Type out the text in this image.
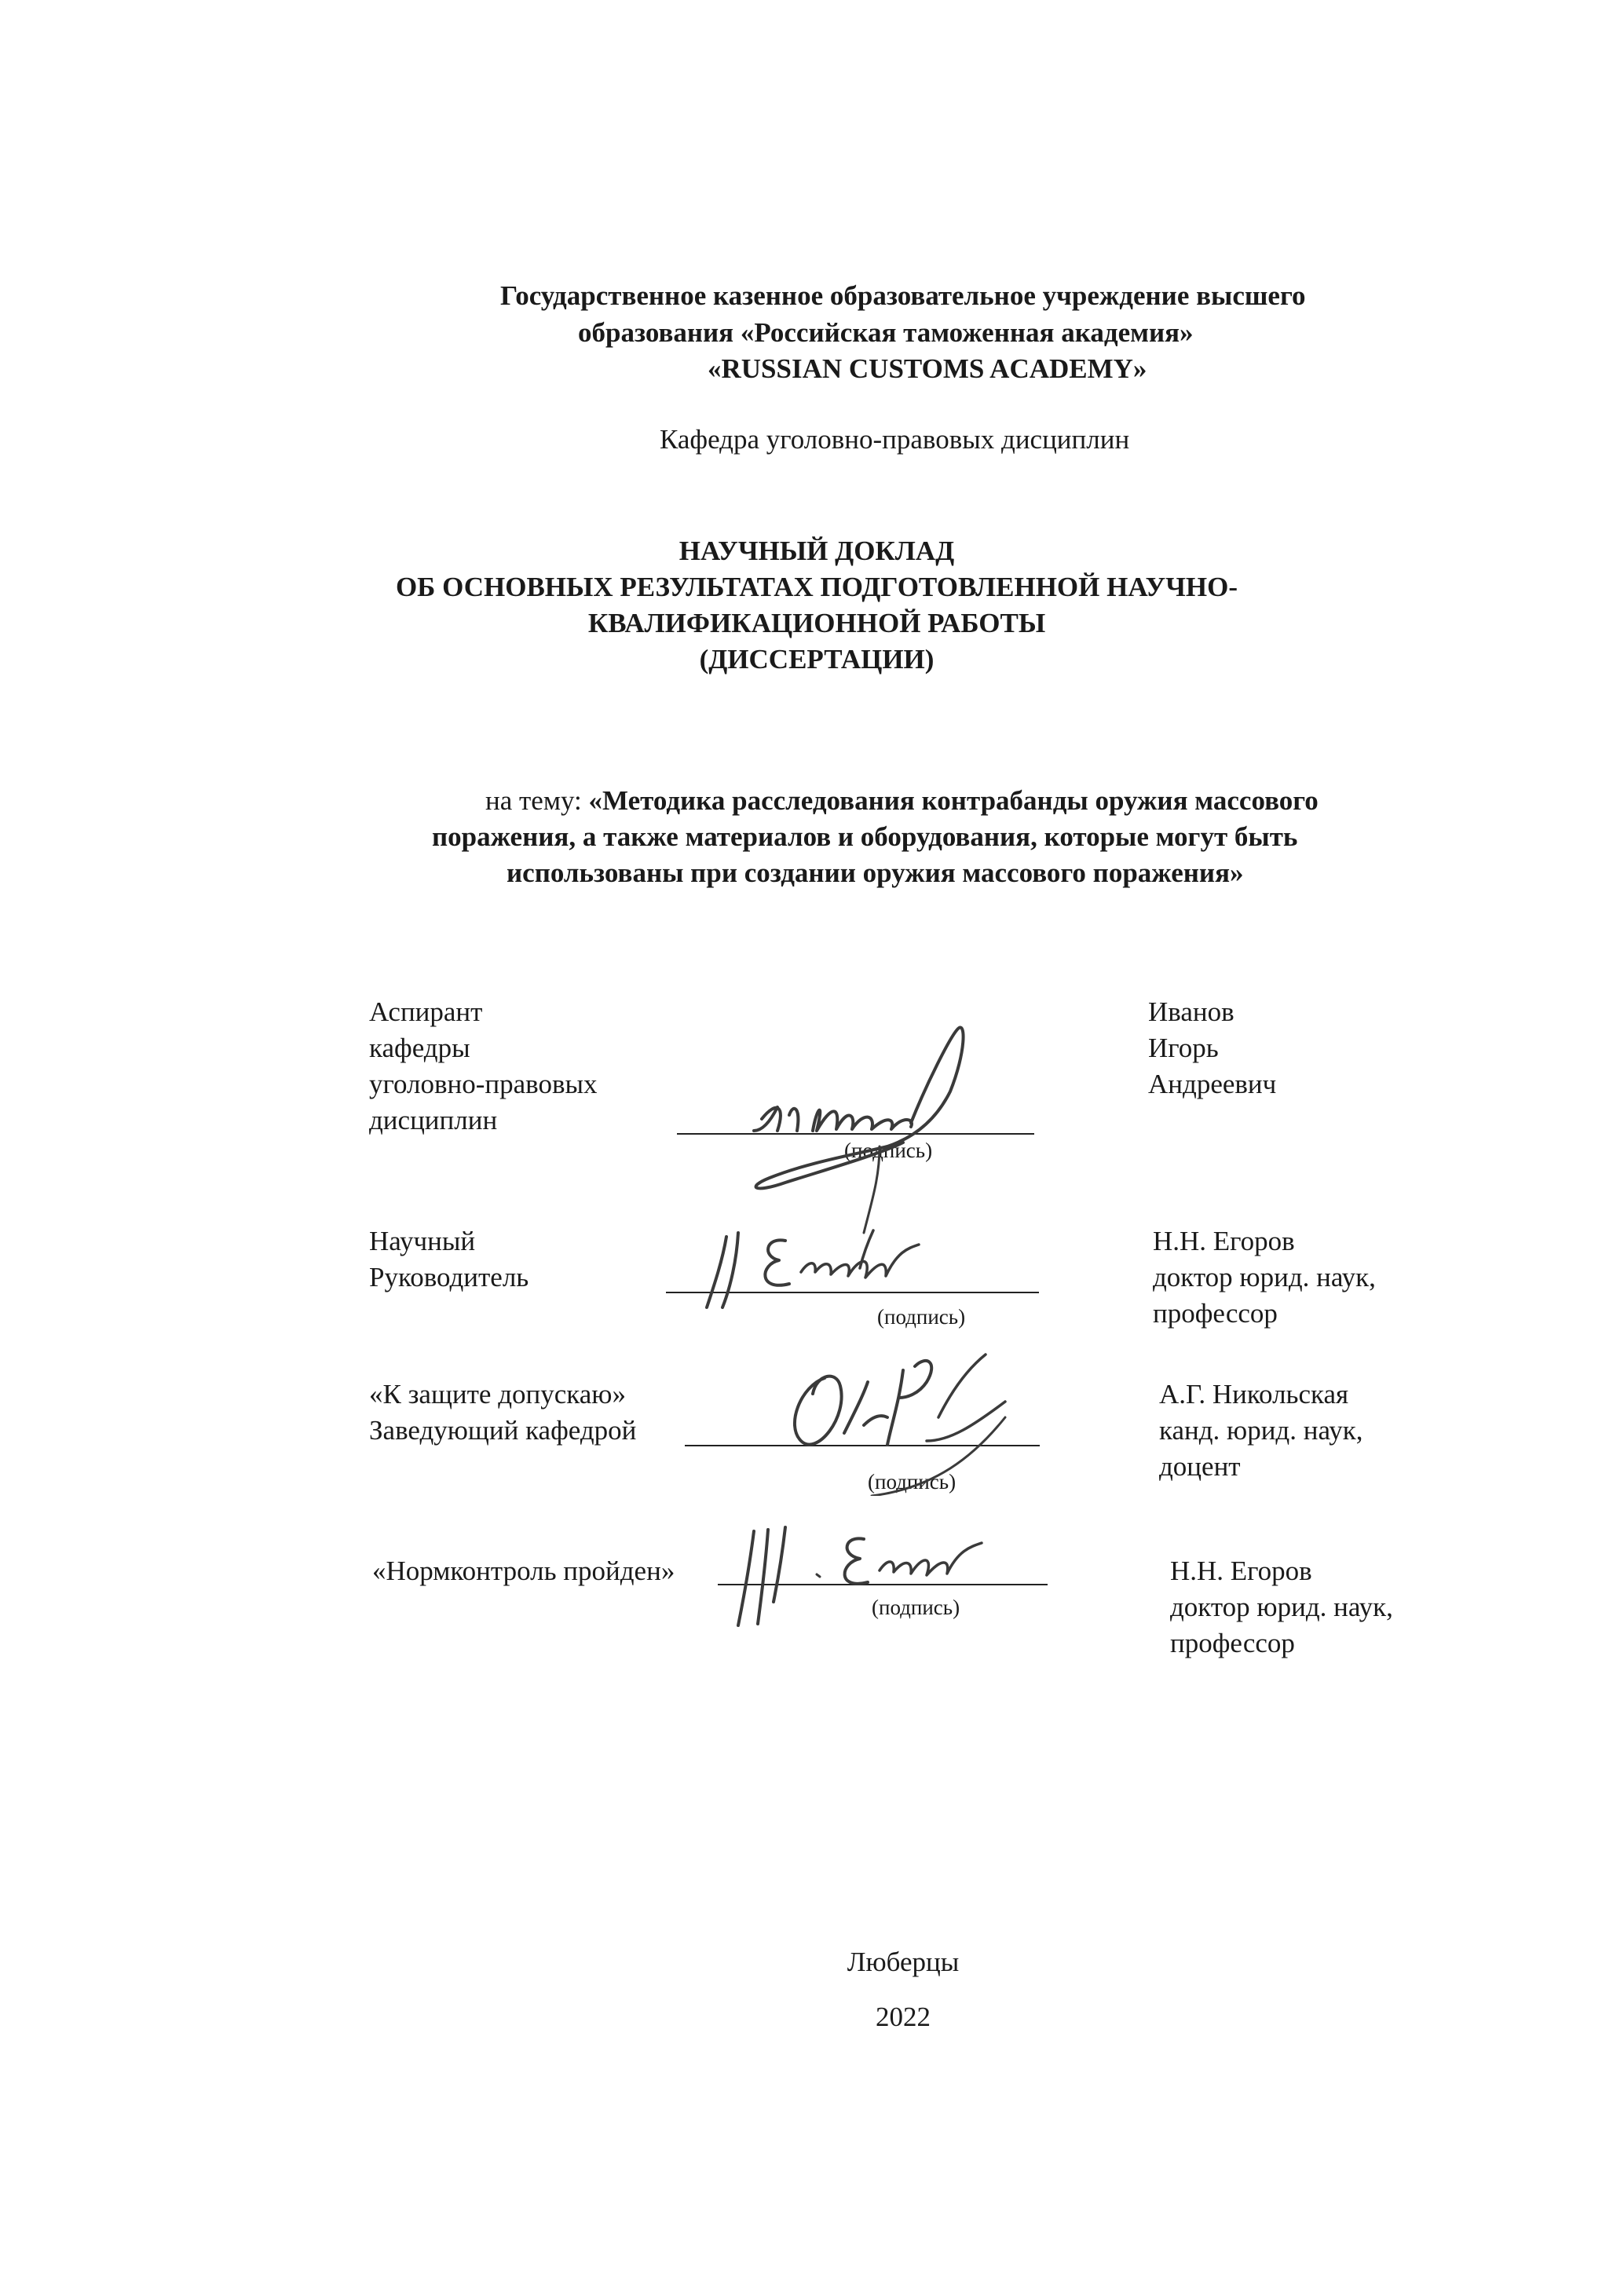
Государственное казенное образовательное учреждение высшего
образования «Российская таможенная академия»
«RUSSIAN CUSTOMS ACADEMY»
Кафедра уголовно-правовых дисциплин
НАУЧНЫЙ ДОКЛАД
ОБ ОСНОВНЫХ РЕЗУЛЬТАТАХ ПОДГОТОВЛЕННОЙ НАУЧНО-
КВАЛИФИКАЦИОННОЙ РАБОТЫ
(ДИССЕРТАЦИИ)
на тему: «Методика расследования контрабанды оружия массового
поражения, а также материалов и оборудования, которые могут быть
использованы при создании оружия массового поражения»
Аспирант
кафедры
уголовно-правовых
дисциплин
(подпись)
Иванов
Игорь
Андреевич
Научный
Руководитель
(подпись)
Н.Н. Егоров
доктор юрид. наук,
профессор
«К защите допускаю»
Заведующий кафедрой
(подпись)
А.Г. Никольская
канд. юрид. наук,
доцент
«Нормконтроль пройден»
(подпись)
Н.Н. Егоров
доктор юрид. наук,
профессор
Люберцы
2022
